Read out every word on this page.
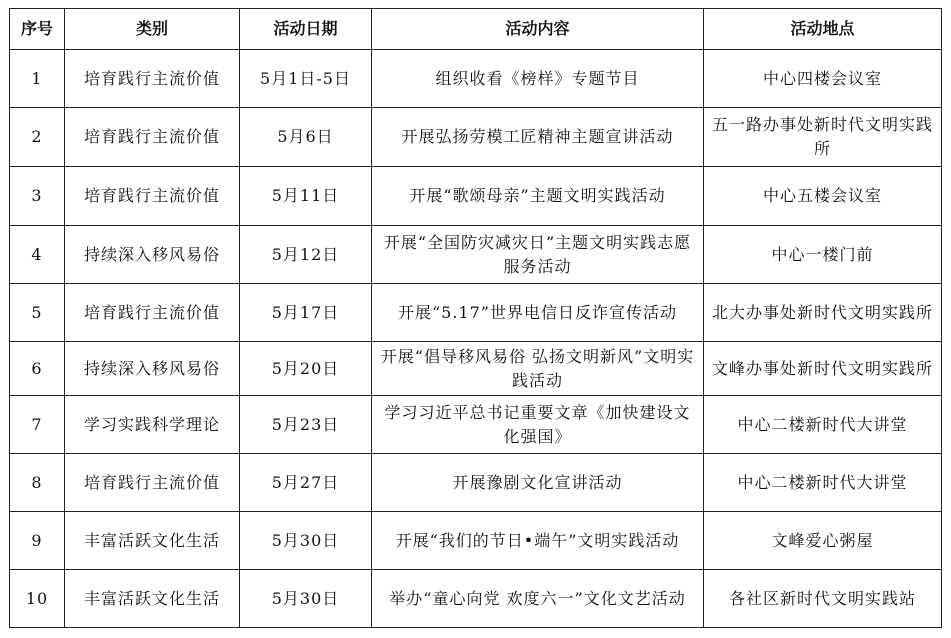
序号	类别	活动日期	活动内容	活动地点
1	培育践行主流价值	5月1日-5日	组织收看《榜样》专题节目	中心四楼会议室
2	培育践行主流价值	5月6日	开展弘扬劳模工匠精神主题宣讲活动	五一路办事处新时代文明实践所
3	培育践行主流价值	5月11日	开展“歌颂母亲”主题文明实践活动	中心五楼会议室
4	持续深入移风易俗	5月12日	开展“全国防灾减灾日”主题文明实践志愿服务活动	中心一楼门前
5	培育践行主流价值	5月17日	开展“5.17”世界电信日反诈宣传活动	北大办事处新时代文明实践所
6	持续深入移风易俗	5月20日	开展“倡导移风易俗 弘扬文明新风”文明实践活动	文峰办事处新时代文明实践所
7	学习实践科学理论	5月23日	学习习近平总书记重要文章《加快建设文化强国》	中心二楼新时代大讲堂
8	培育践行主流价值	5月27日	开展豫剧文化宣讲活动	中心二楼新时代大讲堂
9	丰富活跃文化生活	5月30日	开展“我们的节日•端午”文明实践活动	文峰爱心粥屋
10	丰富活跃文化生活	5月30日	举办“童心向党 欢度六一”文化文艺活动	各社区新时代文明实践站
